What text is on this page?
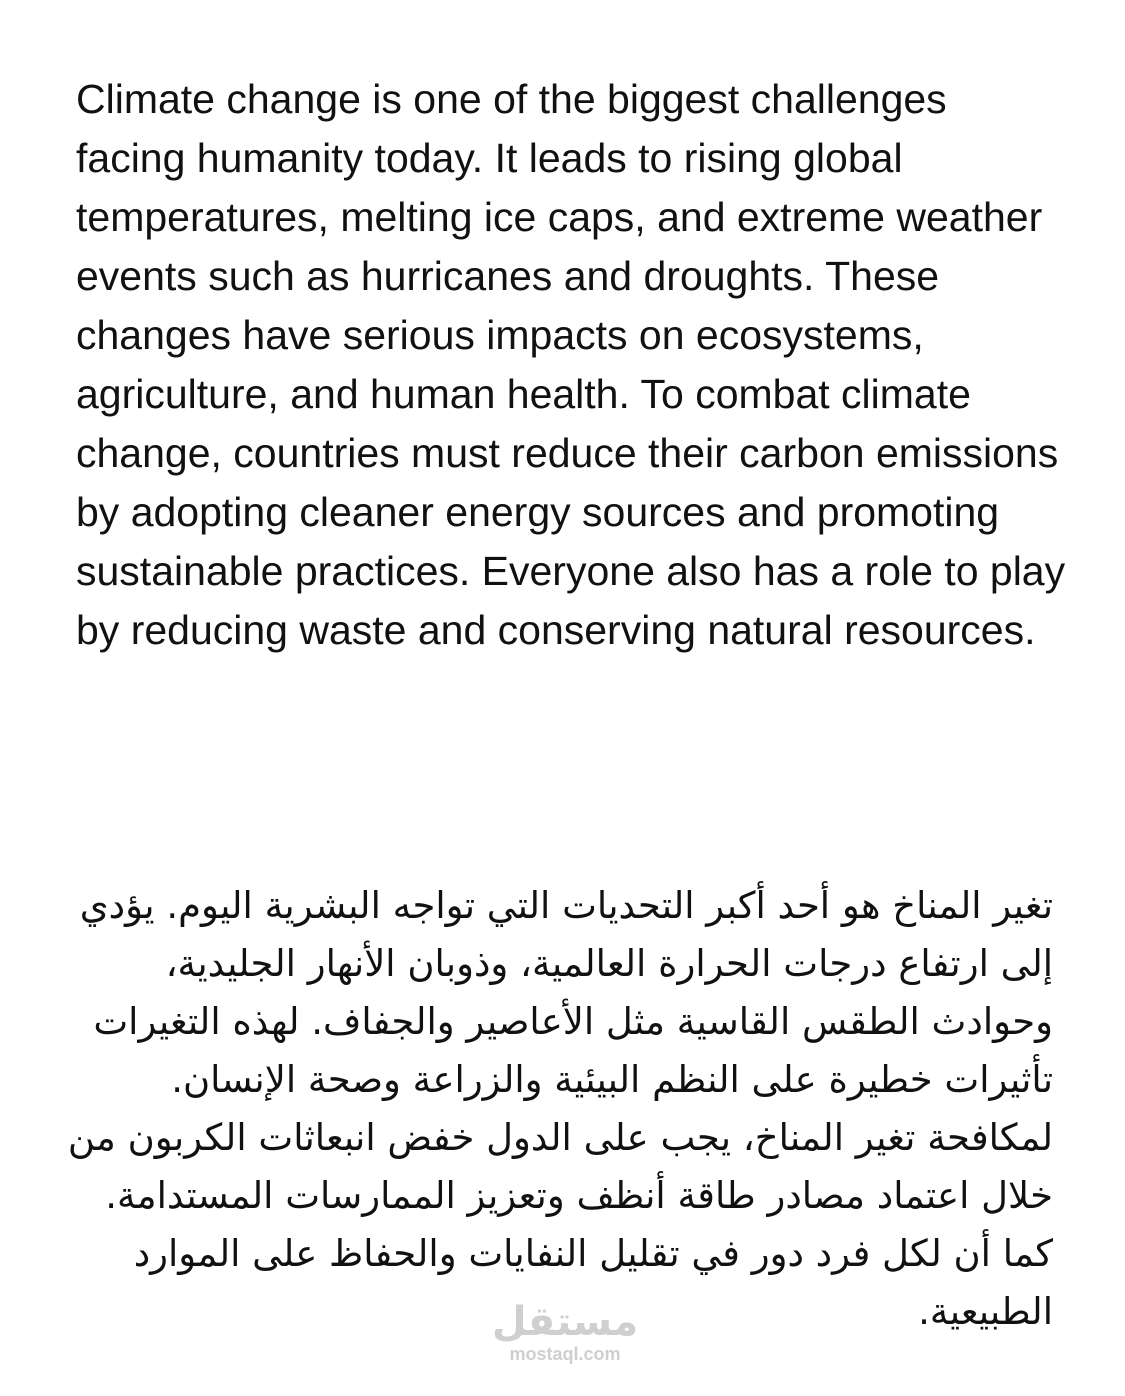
Climate change is one of the biggest challenges facing humanity today. It leads to rising global temperatures, melting ice caps, and extreme weather events such as hurricanes and droughts. These changes have serious impacts on ecosystems, agriculture, and human health. To combat climate change, countries must reduce their carbon emissions by adopting cleaner energy sources and promoting sustainable practices. Everyone also has a role to play by reducing waste and conserving natural resources.

تغير المناخ هو أحد أكبر التحديات التي تواجه البشرية اليوم. يؤدي إلى ارتفاع درجات الحرارة العالمية، وذوبان الأنهار الجليدية، وحوادث الطقس القاسية مثل الأعاصير والجفاف. لهذه التغيرات تأثيرات خطيرة على النظم البيئية والزراعة وصحة الإنسان. لمكافحة تغير المناخ، يجب على الدول خفض انبعاثات الكربون من خلال اعتماد مصادر طاقة أنظف وتعزيز الممارسات المستدامة. كما أن لكل فرد دور في تقليل النفايات والحفاظ على الموارد الطبيعية.

مستقل
mostaql.com
